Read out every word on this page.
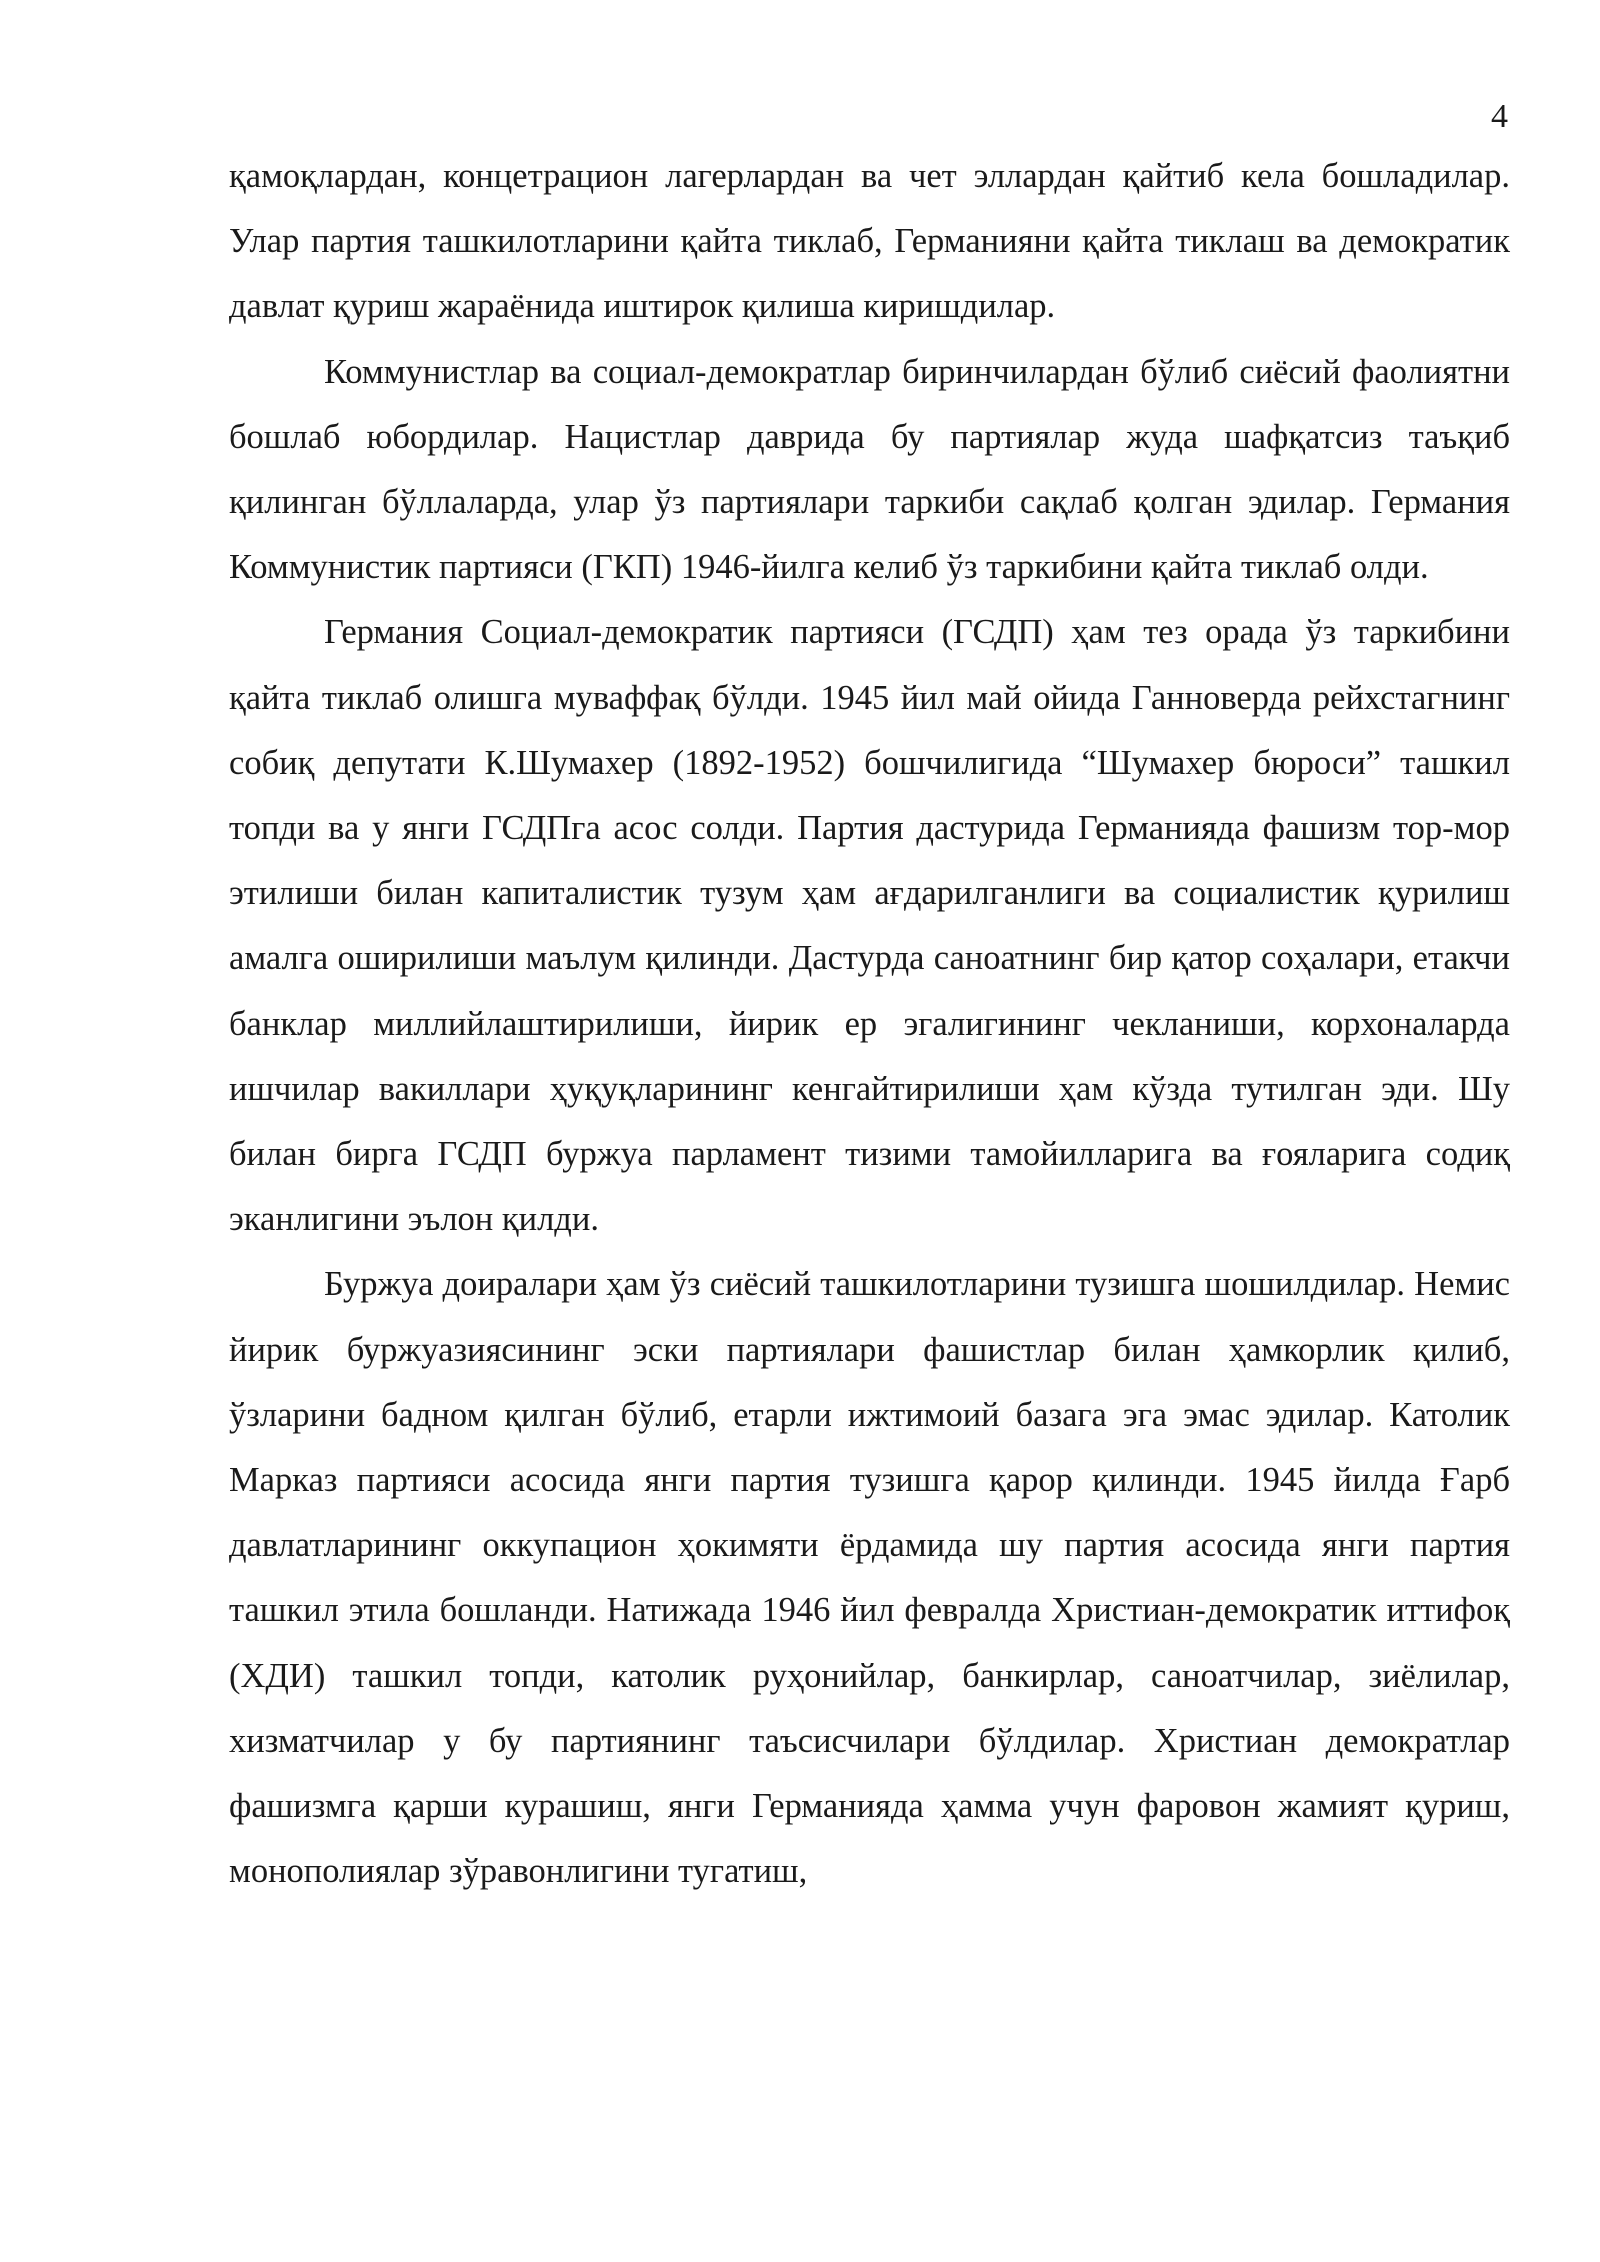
4

қамоқлардан, концетрацион лагерлардан ва чет эллардан қайтиб кела бошладилар. Улар партия ташкилотларини қайта тиклаб, Германияни қайта тиклаш ва демократик давлат қуриш жараёнида иштирок қилиша киришдилар.

Коммунистлар ва социал-демократлар биринчилардан бўлиб сиёсий фаолиятни бошлаб юбордилар. Нацистлар даврида бу партиялар жуда шафқатсиз таъқиб қилинган бўллаларда, улар ўз партиялари таркиби сақлаб қолган эдилар. Германия Коммунистик партияси (ГКП) 1946-йилга келиб ўз таркибини қайта тиклаб олди.

Германия Социал-демократик партияси (ГСДП) ҳам тез орада ўз таркибини қайта тиклаб олишга муваффақ бўлди. 1945 йил май ойида Ганноверда рейхстагнинг собиқ депутати К.Шумахер (1892-1952) бошчилигида “Шумахер бюроси” ташкил топди ва у янги ГСДПга асос солди. Партия дастурида Германияда фашизм тор-мор этилиши билан капиталистик тузум ҳам ағдарилганлиги ва социалистик қурилиш амалга оширилиши маълум қилинди. Дастурда саноатнинг бир қатор соҳалари, етакчи банклар миллийлаштирилиши, йирик ер эгалигининг чекланиши, корхоналарда ишчилар вакиллари ҳуқуқларининг кенгайтирилиши ҳам кўзда тутилган эди. Шу билан бирга ГСДП буржуа парламент тизими тамойилларига ва ғояларига содиқ эканлигини эълон қилди.

Буржуа доиралари ҳам ўз сиёсий ташкилотларини тузишга шошилдилар. Немис йирик буржуазиясининг эски партиялари фашистлар билан ҳамкорлик қилиб, ўзларини бадном қилган бўлиб, етарли ижтимоий базага эга эмас эдилар. Католик Марказ партияси асосида янги партия тузишга қарор қилинди. 1945 йилда Ғарб давлатларининг оккупацион ҳокимяти ёрдамида шу партия асосида янги партия ташкил этила бошланди. Натижада 1946 йил февралда Христиан-демократик иттифоқ (ХДИ) ташкил топди, католик руҳонийлар, банкирлар, саноатчилар, зиёлилар, хизматчилар у бу партиянинг таъсисчилари бўлдилар. Христиан демократлар фашизмга қарши курашиш, янги Германияда ҳамма учун фаровон жамият қуриш, монополиялар зўравонлигини тугатиш,
